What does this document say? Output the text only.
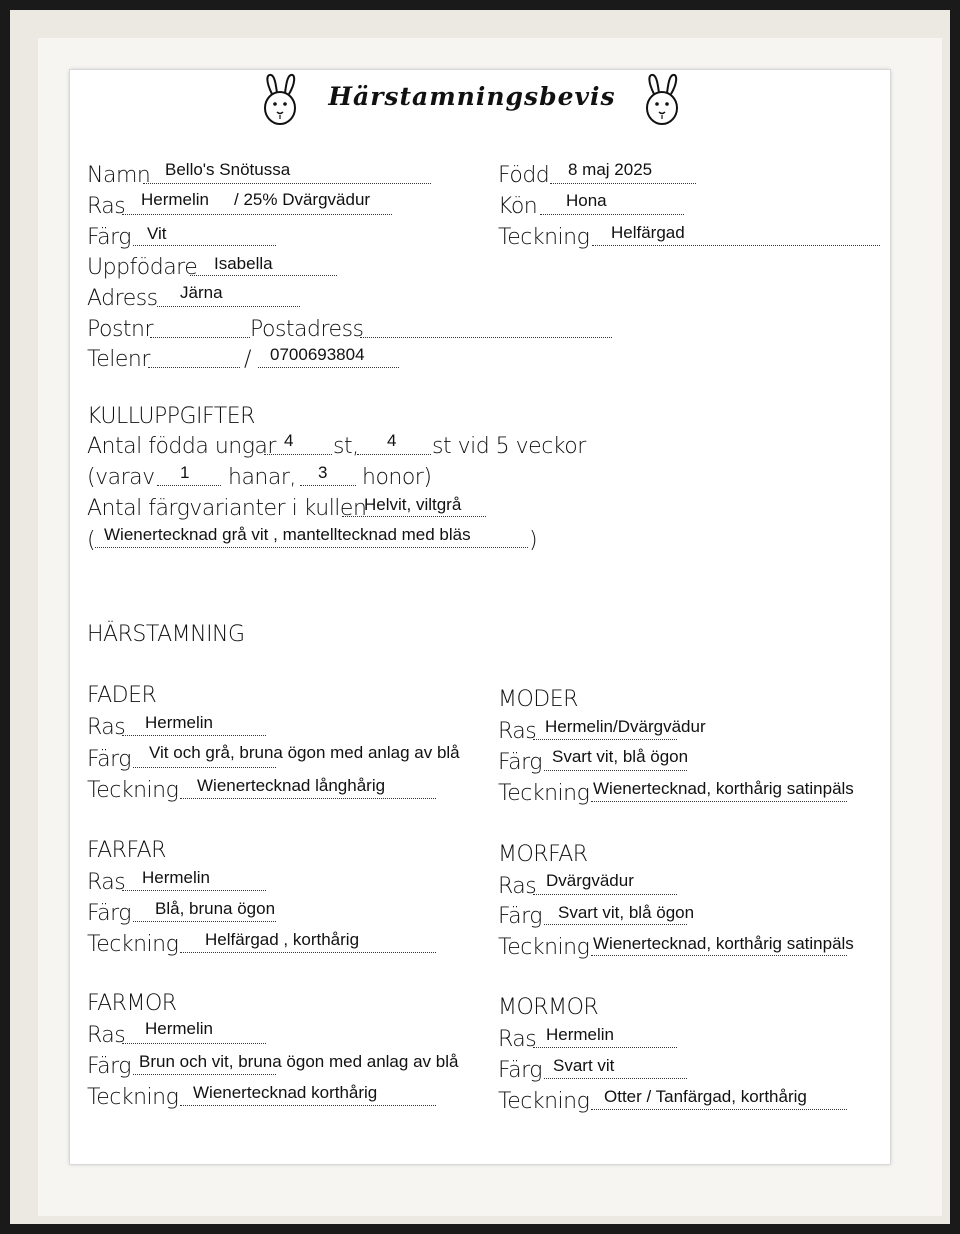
Härstamningsbevis
Namn Bello's Snötussa
Ras Hermelin / 25% Dvärgvädur
Färg Vit
Uppfödare Isabella
Adress Järna
Postnr	Postadress
Telenr	/ 0700693804
Född 8 maj 2025
Kön Hona
Teckning Helfärgad
KULLUPPGIFTER
Antal födda ungar 4 st, 4 st vid 5 veckor
(varav 1 hanar, 3 honor)
Antal färgvarianter i kullen
Helvit, viltgrå
( Wienertecknad grå vit , mantelltecknad med bläs	)
HÄRSTAMNING
FADER
Ras Hermelin
Färg Vit och grå, bruna ögon med anlag av blå
Teckning Wienertecknad långhårig
FARFAR
Ras Hermelin
Färg Blå, bruna ögon
Teckning Helfärgad , korthårig
FARMOR
Ras Hermelin
Färg Brun och vit, bruna ögon med anlag av blå
Teckning Wienertecknad korthårig
MODER
Ras Hermelin/Dvärgvädur
Färg Svart vit, blå ögon
Teckning Wienertecknad, korthårig satinpäls
MORFAR
Ras Dvärgvädur
Färg Svart vit, blå ögon
Teckning Wienertecknad, korthårig satinpäls
MORMOR
Ras Hermelin
Färg Svart vit
Teckning Otter / Tanfärgad, korthårig
